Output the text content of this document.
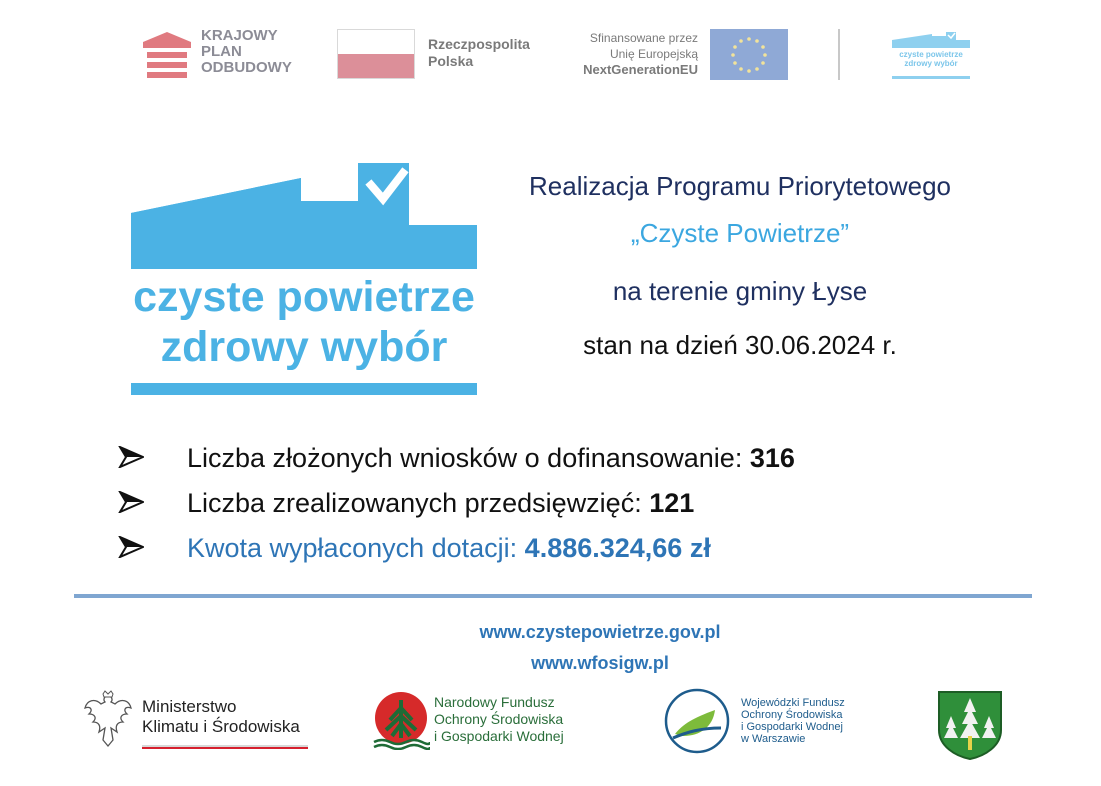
KRAJOWY
PLAN
ODBUDOWY
Rzeczpospolita
Polska
Sfinansowane przez
Unię Europejską
NextGenerationEU
czyste powietrze
zdrowy wybór
czyste powietrze
zdrowy wybór
Realizacja Programu Priorytetowego
„Czyste Powietrze”
na terenie gminy Łyse
stan na dzień 30.06.2024 r.
Liczba złożonych wniosków o dofinansowanie: 316
Liczba zrealizowanych przedsięwzięć: 121
Kwota wypłaconych dotacji: 4.886.324,66 zł
www.czystepowietrze.gov.pl
www.wfosigw.pl
Ministerstwo
Klimatu i Środowiska
Narodowy Fundusz
Ochrony Środowiska
i Gospodarki Wodnej
Wojewódzki Fundusz
Ochrony Środowiska
i Gospodarki Wodnej
w Warszawie
